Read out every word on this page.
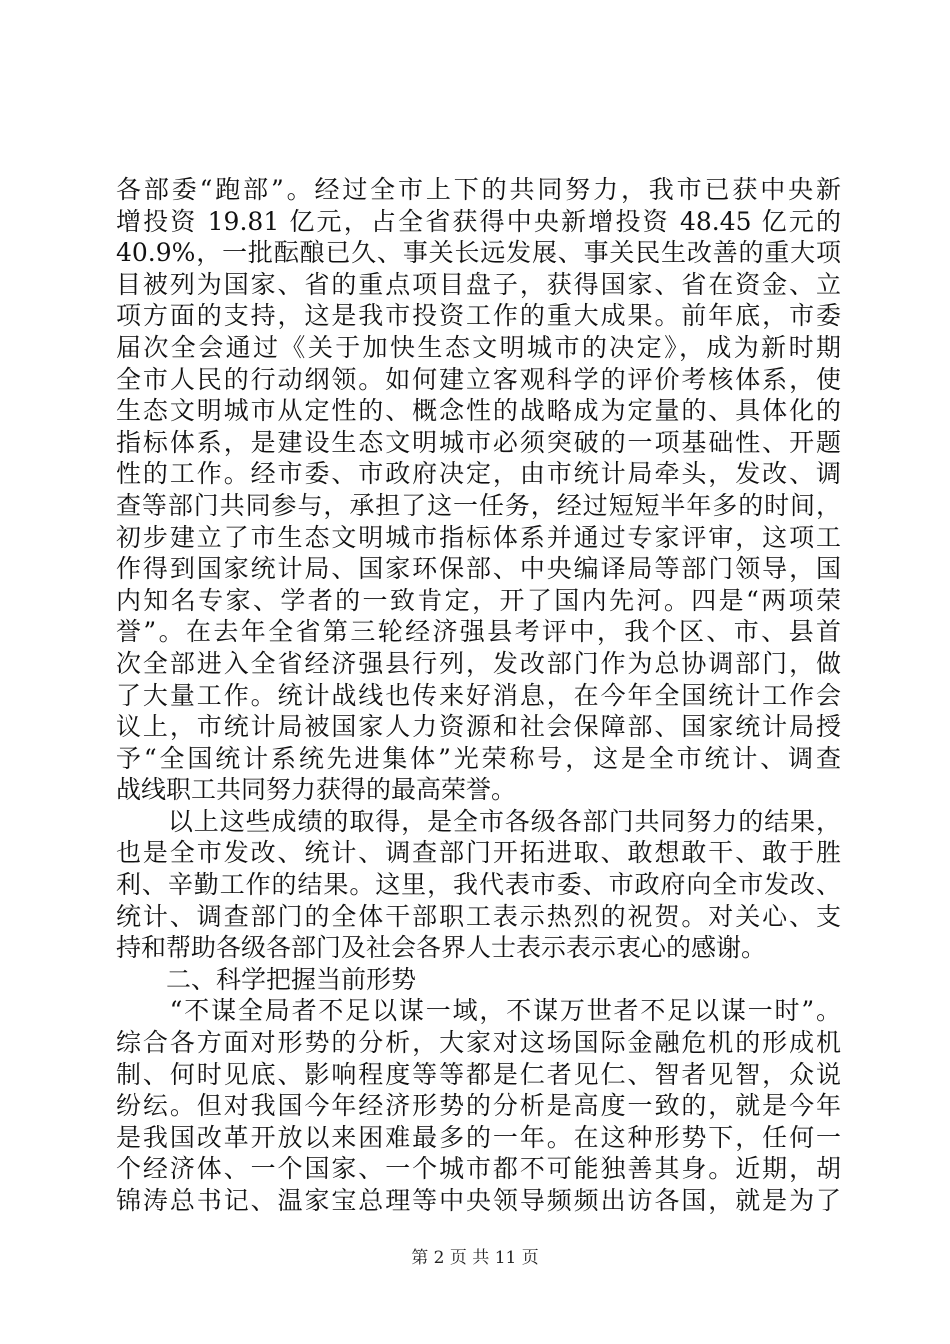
各部委“跑部”。经过全市上下的共同努力，我市已获中央新
增投资 19.81 亿元，占全省获得中央新增投资 48.45 亿元的
40.9%，一批酝酿已久、事关长远发展、事关民生改善的重大项
目被列为国家、省的重点项目盘子，获得国家、省在资金、立
项方面的支持，这是我市投资工作的重大成果。前年底，市委
届次全会通过《关于加快生态文明城市的决定》，成为新时期
全市人民的行动纲领。如何建立客观科学的评价考核体系，使
生态文明城市从定性的、概念性的战略成为定量的、具体化的
指标体系，是建设生态文明城市必须突破的一项基础性、开题
性的工作。经市委、市政府决定，由市统计局牵头，发改、调
查等部门共同参与，承担了这一任务，经过短短半年多的时间，
初步建立了市生态文明城市指标体系并通过专家评审，这项工
作得到国家统计局、国家环保部、中央编译局等部门领导，国
内知名专家、学者的一致肯定，开了国内先河。四是“两项荣
誉”。在去年全省第三轮经济强县考评中，我个区、市、县首
次全部进入全省经济强县行列，发改部门作为总协调部门，做
了大量工作。统计战线也传来好消息，在今年全国统计工作会
议上，市统计局被国家人力资源和社会保障部、国家统计局授
予“全国统计系统先进集体”光荣称号，这是全市统计、调查
战线职工共同努力获得的最高荣誉。
　　以上这些成绩的取得，是全市各级各部门共同努力的结果，
也是全市发改、统计、调查部门开拓进取、敢想敢干、敢于胜
利、辛勤工作的结果。这里，我代表市委、市政府向全市发改、
统计、调查部门的全体干部职工表示热烈的祝贺。对关心、支
持和帮助各级各部门及社会各界人士表示表示衷心的感谢。
　　二、科学把握当前形势
　　“不谋全局者不足以谋一域，不谋万世者不足以谋一时”。
综合各方面对形势的分析，大家对这场国际金融危机的形成机
制、何时见底、影响程度等等都是仁者见仁、智者见智，众说
纷纭。但对我国今年经济形势的分析是高度一致的，就是今年
是我国改革开放以来困难最多的一年。在这种形势下，任何一
个经济体、一个国家、一个城市都不可能独善其身。近期，胡
锦涛总书记、温家宝总理等中央领导频频出访各国，就是为了
第 2 页 共 11 页
